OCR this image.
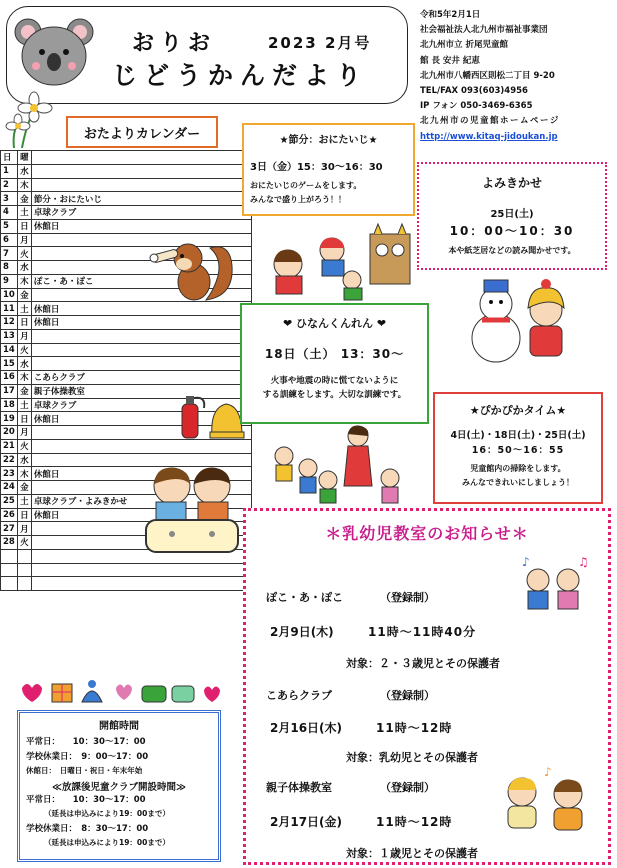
おりお	2023 2月号
じどうかんだより
令和5年2月1日
社会福祉法人北九州市福祉事業団
北九州市立 折尾児童館
館 長 安井 紀恵
北九州市八幡西区則松二丁目 9-20
TEL/FAX 093(603)4956
IP フォン 050-3469-6365
北九州市の児童館ホームページ
http://www.kitaq-jidoukan.jp
おたよりカレンダー
日	曜	
1	水	
2	木	
3	金	節分・おにたいじ
4	土	卓球クラブ
5	日	休館日
6	月	
7	火	
8	水	
9	木	ぽこ・あ・ぽこ
10	金	
11	土	休館日
12	日	休館日
13	月	
14	火	
15	水	
16	木	こあらクラブ
17	金	親子体操教室
18	土	卓球クラブ
19	日	休館日
20	月	
21	火	
22	水	
23	木	休館日
24	金	
25	土	卓球クラブ・よみきかせ
26	日	休館日
27	月	
28	火	

★節分：おにたいじ★
3日（金）15：30～16：30

おにたいじのゲームをします。

みんなで盛り上がろう！！

よみきかせ
25日(土)
10：00～10：30
本や紙芝居などの読み聞かせです。
❤ ひなんくんれん ❤
18日（土） 13：30～

火事や地震の時に慌てないように

する訓練をします。大切な訓練です。

★ぴかぴかタイム★
4日(土)・18日(土)・25日(土)
16：50～16：55

児童館内の掃除をします。

みんなできれいにしましょう！

＊乳幼児教室のお知らせ＊
ぽこ・あ・ぽこ	（登録制）
2月9日(木)	11時～11時40分
対象：２・３歳児とその保護者
こあらクラブ	（登録制）
2月16日(木)	11時～12時
対象：乳幼児とその保護者
親子体操教室	（登録制）
2月17日(金)	11時～12時
対象：１歳児とその保護者
♪	♫
♪
開館時間
平常日：　　10：30～17：00
学校休業日：　9：00～17：00
休館日：　日曜日・祝日・年末年始
≪放課後児童クラブ開設時間≫
平常日：　　10：30～17：00
（延長は申込みにより19：00まで）
学校休業日：　8：30～17：00
（延長は申込みにより19：00まで）
